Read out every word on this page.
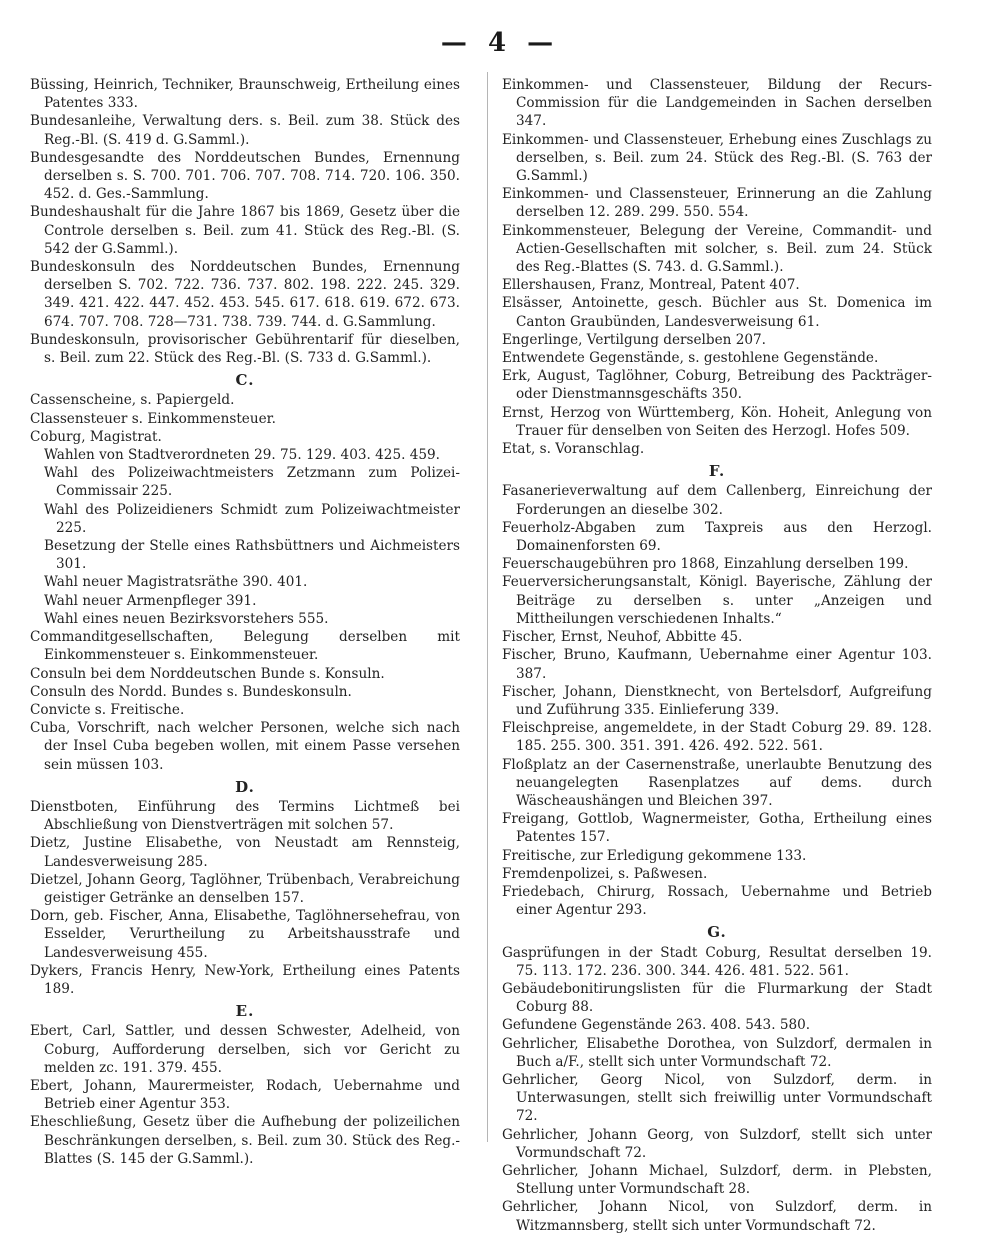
— 4 —

Büssing, Heinrich, Techniker, Braunschweig, Ertheilung eines Patentes 333.

Bundesanleihe, Verwaltung ders. s. Beil. zum 38. Stück des Reg.-Bl. (S. 419 d. G.Samml.).

Bundesgesandte des Norddeutschen Bundes, Ernennung derselben s. S. 700. 701. 706. 707. 708. 714. 720. 106. 350. 452. d. Ges.-Sammlung.

Bundeshaushalt für die Jahre 1867 bis 1869, Gesetz über die Controle derselben s. Beil. zum 41. Stück des Reg.-Bl. (S. 542 der G.Samml.).

Bundeskonsuln des Norddeutschen Bundes, Ernennung derselben S. 702. 722. 736. 737. 802. 198. 222. 245. 329. 349. 421. 422. 447. 452. 453. 545. 617. 618. 619. 672. 673. 674. 707. 708. 728—731. 738. 739. 744. d. G.Sammlung.

Bundeskonsuln, provisorischer Gebührentarif für dieselben, s. Beil. zum 22. Stück des Reg.-Bl. (S. 733 d. G.Samml.).

C.

Cassenscheine, s. Papiergeld.

Classensteuer s. Einkommensteuer.

Coburg, Magistrat.

Wahlen von Stadtverordneten 29. 75. 129. 403. 425. 459.

Wahl des Polizeiwachtmeisters Zetzmann zum Polizei-Commissair 225.

Wahl des Polizeidieners Schmidt zum Polizeiwachtmeister 225.

Besetzung der Stelle eines Rathsbüttners und Aichmeisters 301.

Wahl neuer Magistratsräthe 390. 401.

Wahl neuer Armenpfleger 391.

Wahl eines neuen Bezirksvorstehers 555.

Commanditgesellschaften, Belegung derselben mit Einkommensteuer s. Einkommensteuer.

Consuln bei dem Norddeutschen Bunde s. Konsuln.

Consuln des Nordd. Bundes s. Bundeskonsuln.

Convicte s. Freitische.

Cuba, Vorschrift, nach welcher Personen, welche sich nach der Insel Cuba begeben wollen, mit einem Passe versehen sein müssen 103.

D.

Dienstboten, Einführung des Termins Lichtmeß bei Abschließung von Dienstverträgen mit solchen 57.

Dietz, Justine Elisabethe, von Neustadt am Rennsteig, Landesverweisung 285.

Dietzel, Johann Georg, Taglöhner, Trübenbach, Verabreichung geistiger Getränke an denselben 157.

Dorn, geb. Fischer, Anna, Elisabethe, Taglöhnersehefrau, von Esselder, Verurtheilung zu Arbeitshausstrafe und Landesverweisung 455.

Dykers, Francis Henry, New-York, Ertheilung eines Patents 189.

E.

Ebert, Carl, Sattler, und dessen Schwester, Adelheid, von Coburg, Aufforderung derselben, sich vor Gericht zu melden zc. 191. 379. 455.

Ebert, Johann, Maurermeister, Rodach, Uebernahme und Betrieb einer Agentur 353.

Eheschließung, Gesetz über die Aufhebung der polizeilichen Beschränkungen derselben, s. Beil. zum 30. Stück des Reg.-Blattes (S. 145 der G.Samml.).

Einkommen- und Classensteuer, Bildung der Recurs-Commission für die Landgemeinden in Sachen derselben 347.

Einkommen- und Classensteuer, Erhebung eines Zuschlags zu derselben, s. Beil. zum 24. Stück des Reg.-Bl. (S. 763 der G.Samml.)

Einkommen- und Classensteuer, Erinnerung an die Zahlung derselben 12. 289. 299. 550. 554.

Einkommensteuer, Belegung der Vereine, Commandit- und Actien-Gesellschaften mit solcher, s. Beil. zum 24. Stück des Reg.-Blattes (S. 743. d. G.Samml.).

Ellershausen, Franz, Montreal, Patent 407.

Elsässer, Antoinette, gesch. Büchler aus St. Domenica im Canton Graubünden, Landesverweisung 61.

Engerlinge, Vertilgung derselben 207.

Entwendete Gegenstände, s. gestohlene Gegenstände.

Erk, August, Taglöhner, Coburg, Betreibung des Packträger- oder Dienstmannsgeschäfts 350.

Ernst, Herzog von Württemberg, Kön. Hoheit, Anlegung von Trauer für denselben von Seiten des Herzogl. Hofes 509.

Etat, s. Voranschlag.

F.

Fasanerieverwaltung auf dem Callenberg, Einreichung der Forderungen an dieselbe 302.

Feuerholz-Abgaben zum Taxpreis aus den Herzogl. Domainenforsten 69.

Feuerschaugebühren pro 1868, Einzahlung derselben 199.

Feuerversicherungsanstalt, Königl. Bayerische, Zählung der Beiträge zu derselben s. unter „Anzeigen und Mittheilungen verschiedenen Inhalts.“

Fischer, Ernst, Neuhof, Abbitte 45.

Fischer, Bruno, Kaufmann, Uebernahme einer Agentur 103. 387.

Fischer, Johann, Dienstknecht, von Bertelsdorf, Aufgreifung und Zuführung 335. Einlieferung 339.

Fleischpreise, angemeldete, in der Stadt Coburg 29. 89. 128. 185. 255. 300. 351. 391. 426. 492. 522. 561.

Floßplatz an der Casernenstraße, unerlaubte Benutzung des neuangelegten Rasenplatzes auf dems. durch Wäscheaushängen und Bleichen 397.

Freigang, Gottlob, Wagnermeister, Gotha, Ertheilung eines Patentes 157.

Freitische, zur Erledigung gekommene 133.

Fremdenpolizei, s. Paßwesen.

Friedebach, Chirurg, Rossach, Uebernahme und Betrieb einer Agentur 293.

G.

Gasprüfungen in der Stadt Coburg, Resultat derselben 19. 75. 113. 172. 236. 300. 344. 426. 481. 522. 561.

Gebäudebonitirungslisten für die Flurmarkung der Stadt Coburg 88.

Gefundene Gegenstände 263. 408. 543. 580.

Gehrlicher, Elisabethe Dorothea, von Sulzdorf, dermalen in Buch a/F., stellt sich unter Vormundschaft 72.

Gehrlicher, Georg Nicol, von Sulzdorf, derm. in Unterwasungen, stellt sich freiwillig unter Vormundschaft 72.

Gehrlicher, Johann Georg, von Sulzdorf, stellt sich unter Vormundschaft 72.

Gehrlicher, Johann Michael, Sulzdorf, derm. in Plebsten, Stellung unter Vormundschaft 28.

Gehrlicher, Johann Nicol, von Sulzdorf, derm. in Witzmannsberg, stellt sich unter Vormundschaft 72.
